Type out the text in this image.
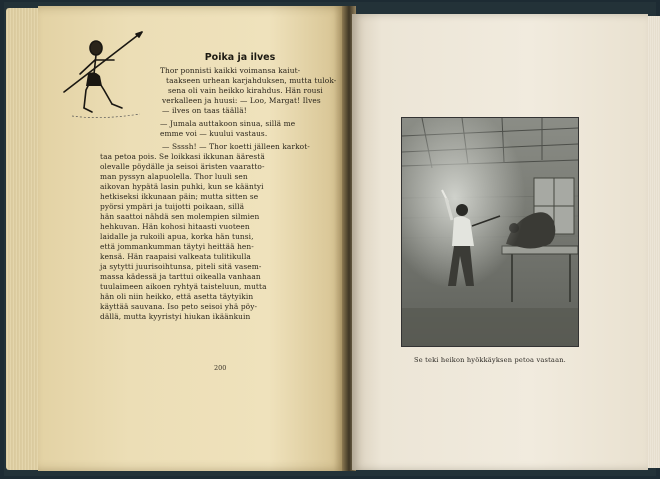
Poika ja ilves
Thor ponnisti kaikki voimansa kaiut-
taakseen urhean karjahduksen, mutta tulok-
sena oli vain heikko kirahdus. Hän rousi
verkalleen ja huusi: — Loo, Margat! Ilves
— ilves on taas täällä!
— Jumala auttakoon sinua, sillä me
emme voi — kuului vastaus.
— Ssssh! — Thor koetti jälleen karkot-
taa petoa pois. Se loikkasi ikkunan äärestä
olevalle pöydälle ja seisoi äristen vaaratto-
man pyssyn alapuolella. Thor luuli sen
aikovan hypätä lasin puhki, kun se kääntyi
hetkiseksi ikkunaan päin; mutta sitten se
pyörsi ympäri ja tuijotti poikaan, sillä
hän saattoi nähdä sen molempien silmien
hehkuvan. Hän kohosi hitaasti vuoteen
laidalle ja rukoili apua, korka hän tunsi,
että jommankumman täytyi heittää hen-
kensä. Hän raapaisi valkeata tulitikulla
ja sytytti juurisoihtunsa, piteli sitä vasem-
massa kädessä ja tarttui oikealla vanhaan
tuulaimeen aikoen ryhtyä taisteluun, mutta
hän oli niin heikko, että asetta täytyikin
käyttää sauvana. Iso peto seisoi yhä pöy-
dällä, mutta kyyristyi hiukan ikäänkuin
200
Se teki heikon hyökkäyksen petoa vastaan.
